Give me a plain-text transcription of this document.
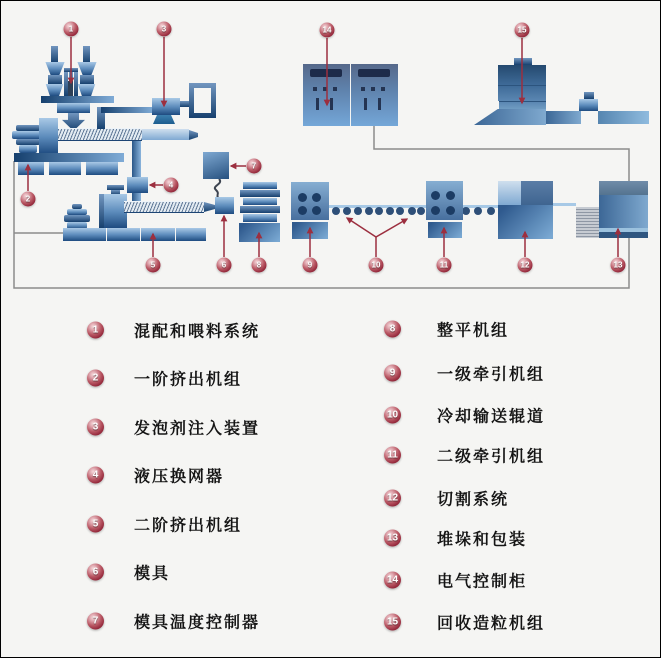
1
2
3
4
5	6
7
8	9	10	11	12	13
14	15
1	混配和喂料系统
2	一阶挤出机组
3	发泡剂注入装置
4	液压换网器
5	二阶挤出机组
6	模具
7	模具温度控制器
8	整平机组
9	一级牵引机组
10 冷却输送辊道
11 二级牵引机组
12 切割系统
13 堆垛和包装
14 电气控制柜
15 回收造粒机组
